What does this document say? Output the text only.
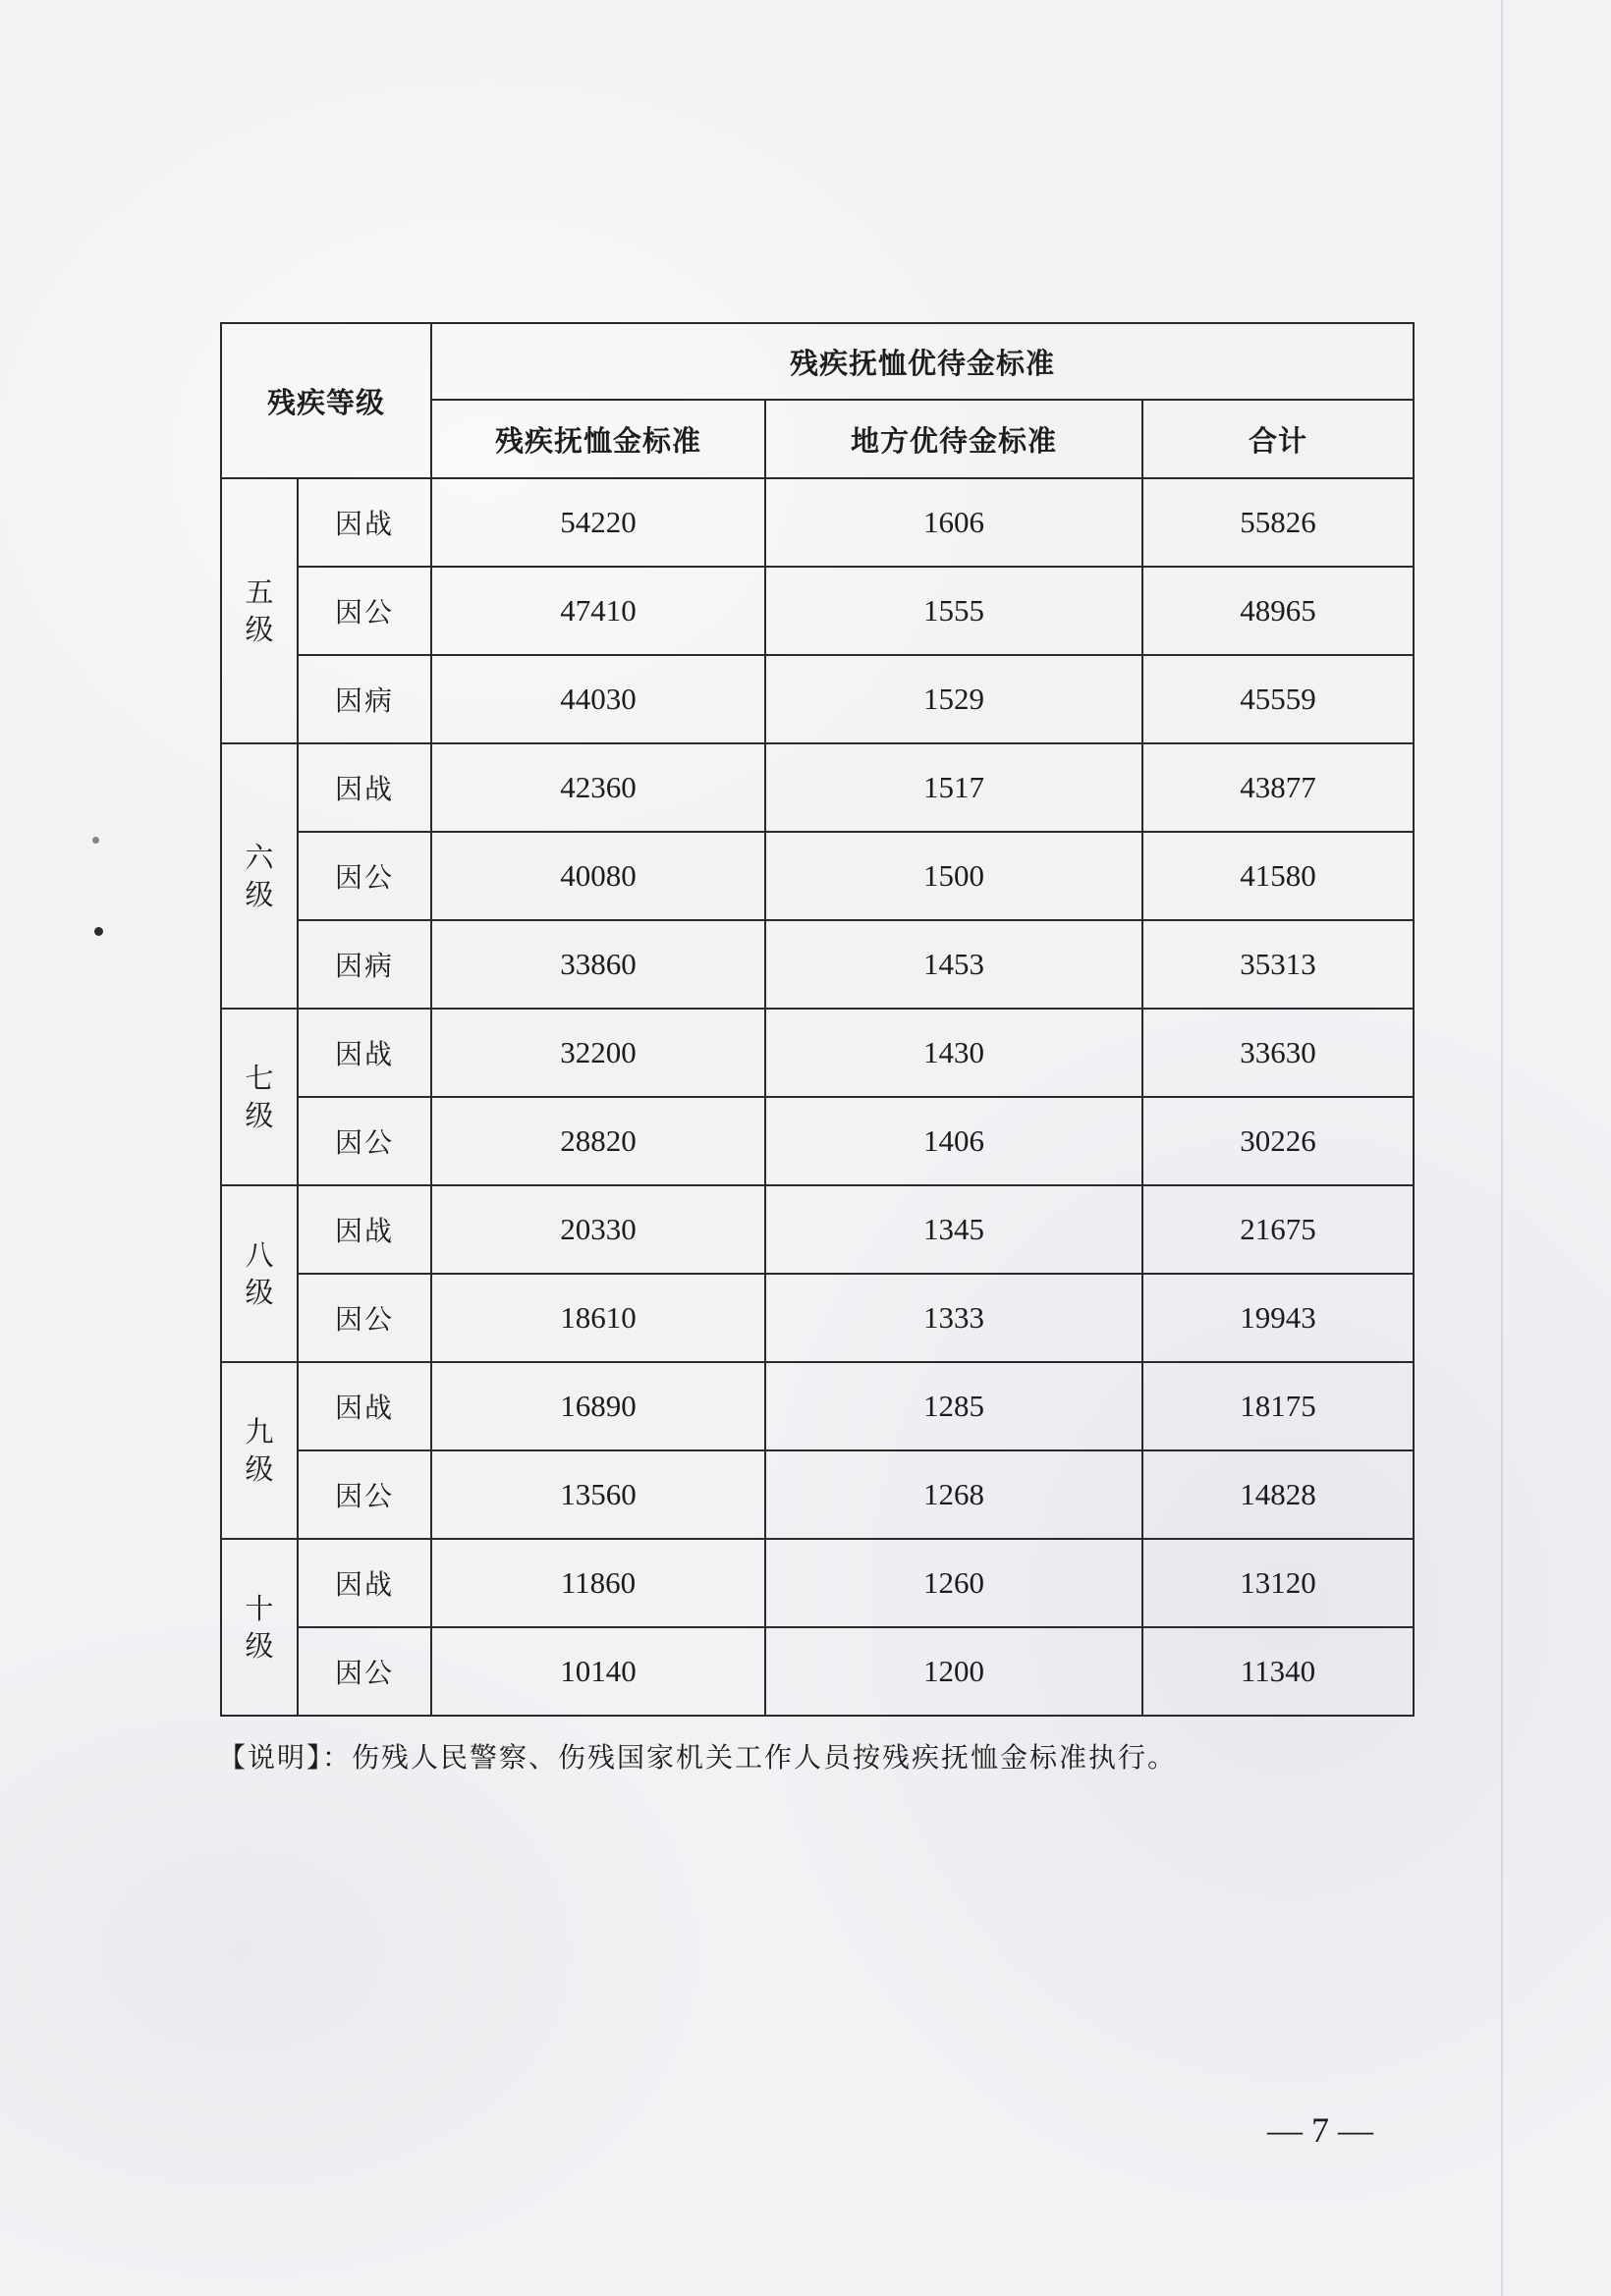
残疾等级		残疾抚恤优待金标准		
		残疾抚恤金标准	地方优待金标准	合计

五
级	因战	54220	1606	55826
	因公	47410	1555	48965
	因病	44030	1529	45559

六
级	因战	42360	1517	43877
	因公	40080	1500	41580
	因病	33860	1453	35313

七
级	因战	32200	1430	33630
	因公	28820	1406	30226

八
级	因战	20330	1345	21675
	因公	18610	1333	19943

九
级	因战	16890	1285	18175
	因公	13560	1268	14828

十
级	因战	11860	1260	13120
	因公	10140	1200	11340
【说明】：伤残人民警察、伤残国家机关工作人员按残疾抚恤金标准执行。
— 7 —
